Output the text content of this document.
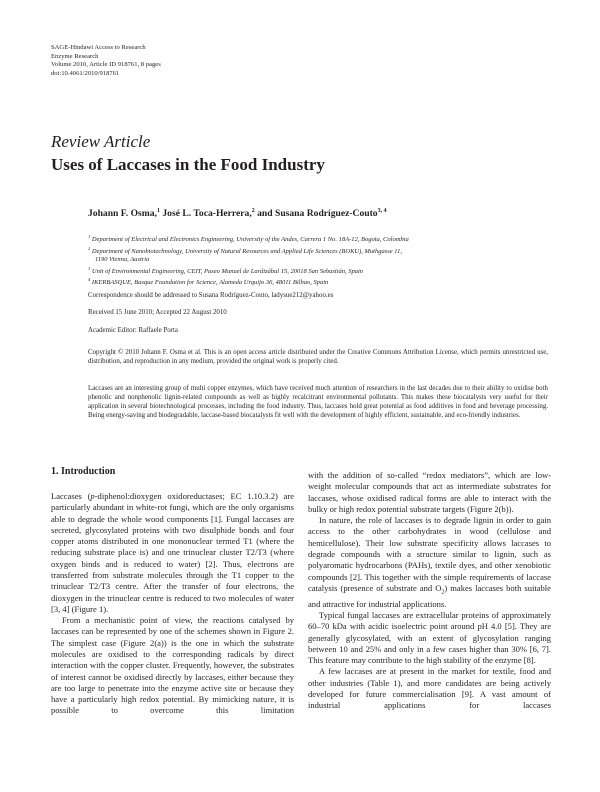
SAGE-Hindawi Access to Research
Enzyme Research
Volume 2010, Article ID 918761, 8 pages
doi:10.4061/2010/918761
Review Article
Uses of Laccases in the Food Industry
Johann F. Osma,$^1$ José L. Toca-Herrera,$^2$ and Susana Rodríguez-Couto$^{3, 4}$
$^1$ Department of Electrical and Electronics Engineering, University of the Andes, Carrera 1 No. 18A-12, Bogota, Colombia
$^2$ Department of Nanobiotechnology, University of Natural Resources and Applied Life Sciences (BOKU), Muthgasse 11,
1190 Vienna, Austria
$^3$ Unit of Environmental Engineering, CEIT, Paseo Manuel de Lardizábal 15, 20018 San Sebastián, Spain
$^4$ IKERBASQUE, Basque Foundation for Science, Alameda Urquijo 36, 48011 Bilbao, Spain
Correspondence should be addressed to Susana Rodríguez-Couto, ladysue212@yahoo.es
Received 15 June 2010; Accepted 22 August 2010
Academic Editor: Raffaele Porta
Copyright © 2010 Johann F. Osma et al. This is an open access article distributed under the Creative Commons Attribution License, which permits unrestricted use, distribution, and reproduction in any medium, provided the original work is properly cited.
Laccases are an interesting group of multi copper enzymes, which have received much attention of researchers in the last decades due to their ability to oxidise both phenolic and nonphenolic lignin-related compounds as well as highly recalcitrant environmental pollutants. This makes these biocatalysts very useful for their application in several biotechnological processes, including the food industry. Thus, laccases hold great potential as food additives in food and beverage processing. Being energy-saving and biodegradable, laccase-based biocatalysts fit well with the development of highly efficient, sustainable, and eco-friendly industries.
1. Introduction

Laccases (p-diphenol:dioxygen oxidoreductases; EC 1.10.3.2) are particularly abundant in white-rot fungi, which are the only organisms able to degrade the whole wood components [1]. Fungal laccases are secreted, glycosylated proteins with two disulphide bonds and four copper atoms distributed in one mononuclear termed T1 (where the reducing substrate place is) and one trinuclear cluster T2/T3 (where oxygen binds and is reduced to water) [2]. Thus, electrons are transferred from substrate molecules through the T1 copper to the trinuclear T2/T3 centre. After the transfer of four electrons, the dioxygen in the trinuclear centre is reduced to two molecules of water [3, 4] (Figure 1).

From a mechanistic point of view, the reactions catalysed by laccases can be represented by one of the schemes shown in Figure 2. The simplest case (Figure 2(a)) is the one in which the substrate molecules are oxidised to the corresponding radicals by direct interaction with the copper cluster. Frequently, however, the substrates of interest cannot be oxidised directly by laccases, either because they are too large to penetrate into the enzyme active site or because they have a particularly high redox potential. By mimicking nature, it is possible to overcome this limitation

with the addition of so-called “redox mediators”, which are low-weight molecular compounds that act as intermediate substrates for laccases, whose oxidised radical forms are able to interact with the bulky or high redox potential substrate targets (Figure 2(b)).

In nature, the role of laccases is to degrade lignin in order to gain access to the other carbohydrates in wood (cellulose and hemicellulose). Their low substrate specificity allows laccases to degrade compounds with a structure similar to lignin, such as polyaromatic hydrocarbons (PAHs), textile dyes, and other xenobiotic compounds [2]. This together with the simple requirements of laccase catalysis (presence of substrate and $O_2$) makes laccases both suitable and attractive for industrial applications.

Typical fungal laccases are extracellular proteins of approximately 60–70 kDa with acidic isoelectric point around pH 4.0 [5]. They are generally glycosylated, with an extent of glycosylation ranging between 10 and 25% and only in a few cases higher than 30% [6, 7]. This feature may contribute to the high stability of the enzyme [8].

A few laccases are at present in the market for textile, food and other industries (Table 1), and more candidates are being actively developed for future commercialisation [9]. A vast amount of industrial applications for laccases
